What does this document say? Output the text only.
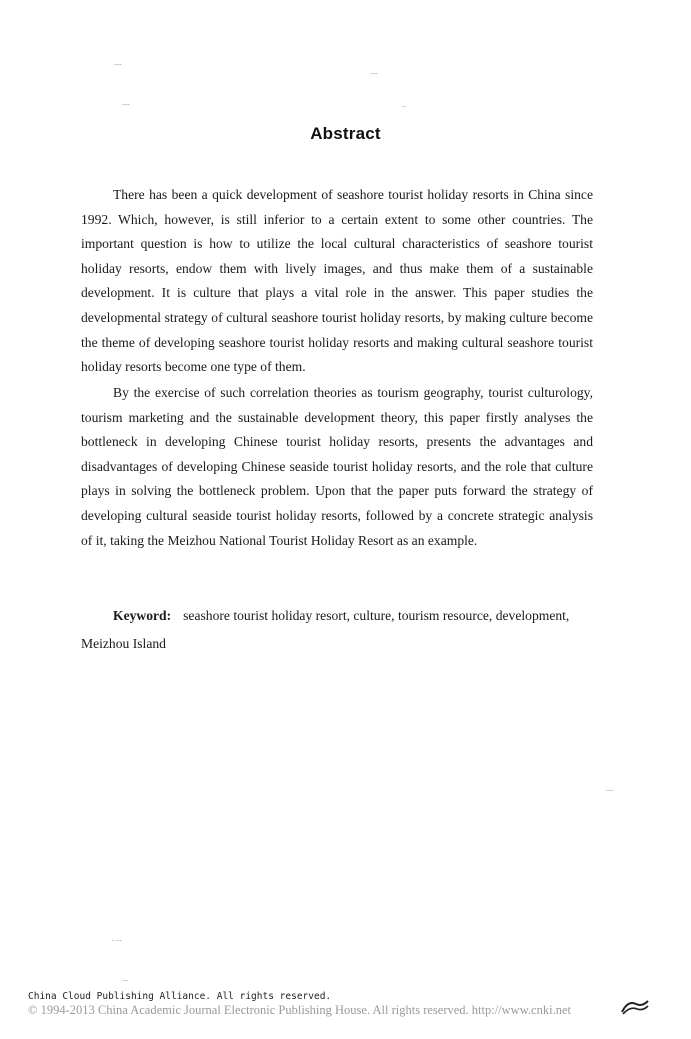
....
....
....	..
....
. ...
...
Abstract

There has been a quick development of seashore tourist holiday resorts in China since 1992. Which, however, is still inferior to a certain extent to some other countries. The important question is how to utilize the local cultural characteristics of seashore tourist holiday resorts, endow them with lively images, and thus make them of a sustainable development. It is culture that plays a vital role in the answer. This paper studies the developmental strategy of cultural seashore tourist holiday resorts, by making culture become the theme of developing seashore tourist holiday resorts and making cultural seashore tourist holiday resorts become one type of them.

By the exercise of such correlation theories as tourism geography, tourist culturology, tourism marketing and the sustainable development theory, this paper firstly analyses the bottleneck in developing Chinese tourist holiday resorts, presents the advantages and disadvantages of developing Chinese seaside tourist holiday resorts, and the role that culture plays in solving the bottleneck problem. Upon that the paper puts forward the strategy of developing cultural seaside tourist holiday resorts, followed by a concrete strategic analysis of it, taking the Meizhou National Tourist Holiday Resort as an example.

Keyword: seashore tourist holiday resort, culture, tourism resource, development, Meizhou Island
China Cloud Publishing Alliance. All rights reserved.
© 1994-2013 China Academic Journal Electronic Publishing House. All rights reserved. http://www.cnki.net
